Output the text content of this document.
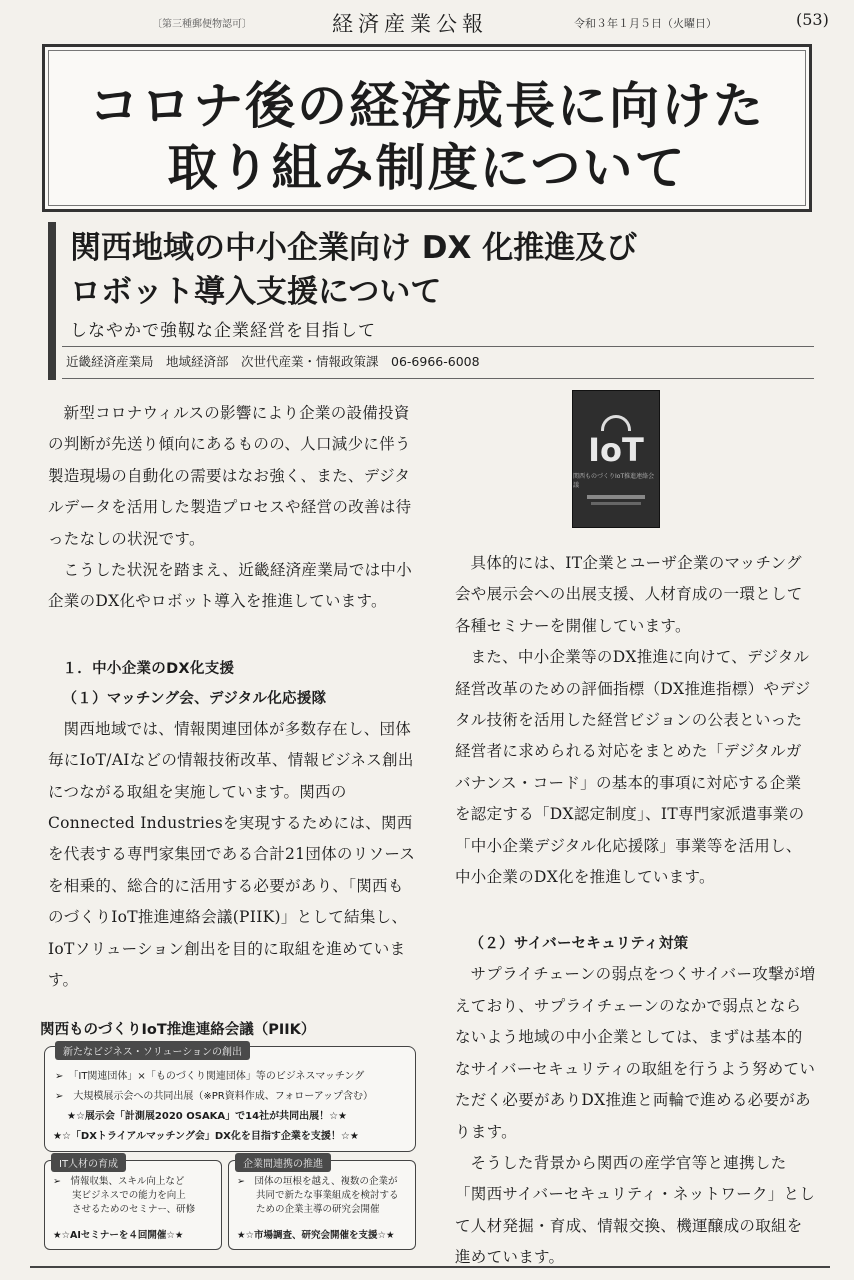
〔第三種郵便物認可〕	経済産業公報	令和３年１月５日（火曜日）	(53)
コロナ後の経済成長に向けた
取り組み制度について
関西地域の中小企業向け DX 化推進及び
ロボット導入支援について
しなやかで強靱な企業経営を目指して
近畿経済産業局　地域経済部　次世代産業・情報政策課　06-6966-6008

新型コロナウィルスの影響により企業の設備投資の判断が先送り傾向にあるものの、人口減少に伴う製造現場の自動化の需要はなお強く、また、デジタルデータを活用した製造プロセスや経営の改善は待ったなしの状況です。

こうした状況を踏まえ、近畿経済産業局では中小企業のDX化やロボット導入を推進しています。

１．中小企業のDX化支援

（１）マッチング会、デジタル化応援隊

関西地域では、情報関連団体が多数存在し、団体毎にIoT/AIなどの情報技術改革、情報ビジネス創出につながる取組を実施しています。関西のConnected Industriesを実現するためには、関西を代表する専門家集団である合計21団体のリソースを相乗的、総合的に活用する必要があり、「関西ものづくりIoT推進連絡会議(PIIK)」として結集し、IoTソリューション創出を目的に取組を進めています。

IoT
関西ものづくりIoT推進連絡会議

具体的には、IT企業とユーザ企業のマッチング会や展示会への出展支援、人材育成の一環として各種セミナーを開催しています。

また、中小企業等のDX推進に向けて、デジタル経営改革のための評価指標（DX推進指標）やデジタル技術を活用した経営ビジョンの公表といった経営者に求められる対応をまとめた「デジタルガバナンス・コード」の基本的事項に対応する企業を認定する「DX認定制度」、IT専門家派遣事業の「中小企業デジタル化応援隊」事業等を活用し、中小企業のDX化を推進しています。

（２）サイバーセキュリティ対策

サプライチェーンの弱点をつくサイバー攻撃が増えており、サプライチェーンのなかで弱点とならないよう地域の中小企業としては、まずは基本的なサイバーセキュリティの取組を行うよう努めていただく必要がありDX推進と両輪で進める必要があります。

そうした背景から関西の産学官等と連携した「関西サイバーセキュリティ・ネットワーク」として人材発掘・育成、情報交換、機運醸成の取組を進めています。

関西ものづくりIoT推進連絡会議（PIIK）
新たなビジネス・ソリューションの創出
➢　「IT関連団体」×「ものづくり関連団体」等のビジネスマッチング
➢　大規模展示会への共同出展（※PR資料作成、フォローアップ含む）
★☆展示会「計測展2020 OSAKA」で14社が共同出展！☆★
★☆「DXトライアルマッチング会」DX化を目指す企業を支援！☆★
IT人材の育成
➢　情報収集、スキル向上など
　　実ビジネスでの能力を向上
　　させるためのセミナー、研修
★☆AIセミナーを４回開催☆★
企業間連携の推進
➢　団体の垣根を越え、複数の企業が
　　共同で新たな事業組成を検討する
　　ための企業主導の研究会開催
★☆市場調査、研究会開催を支援☆★
